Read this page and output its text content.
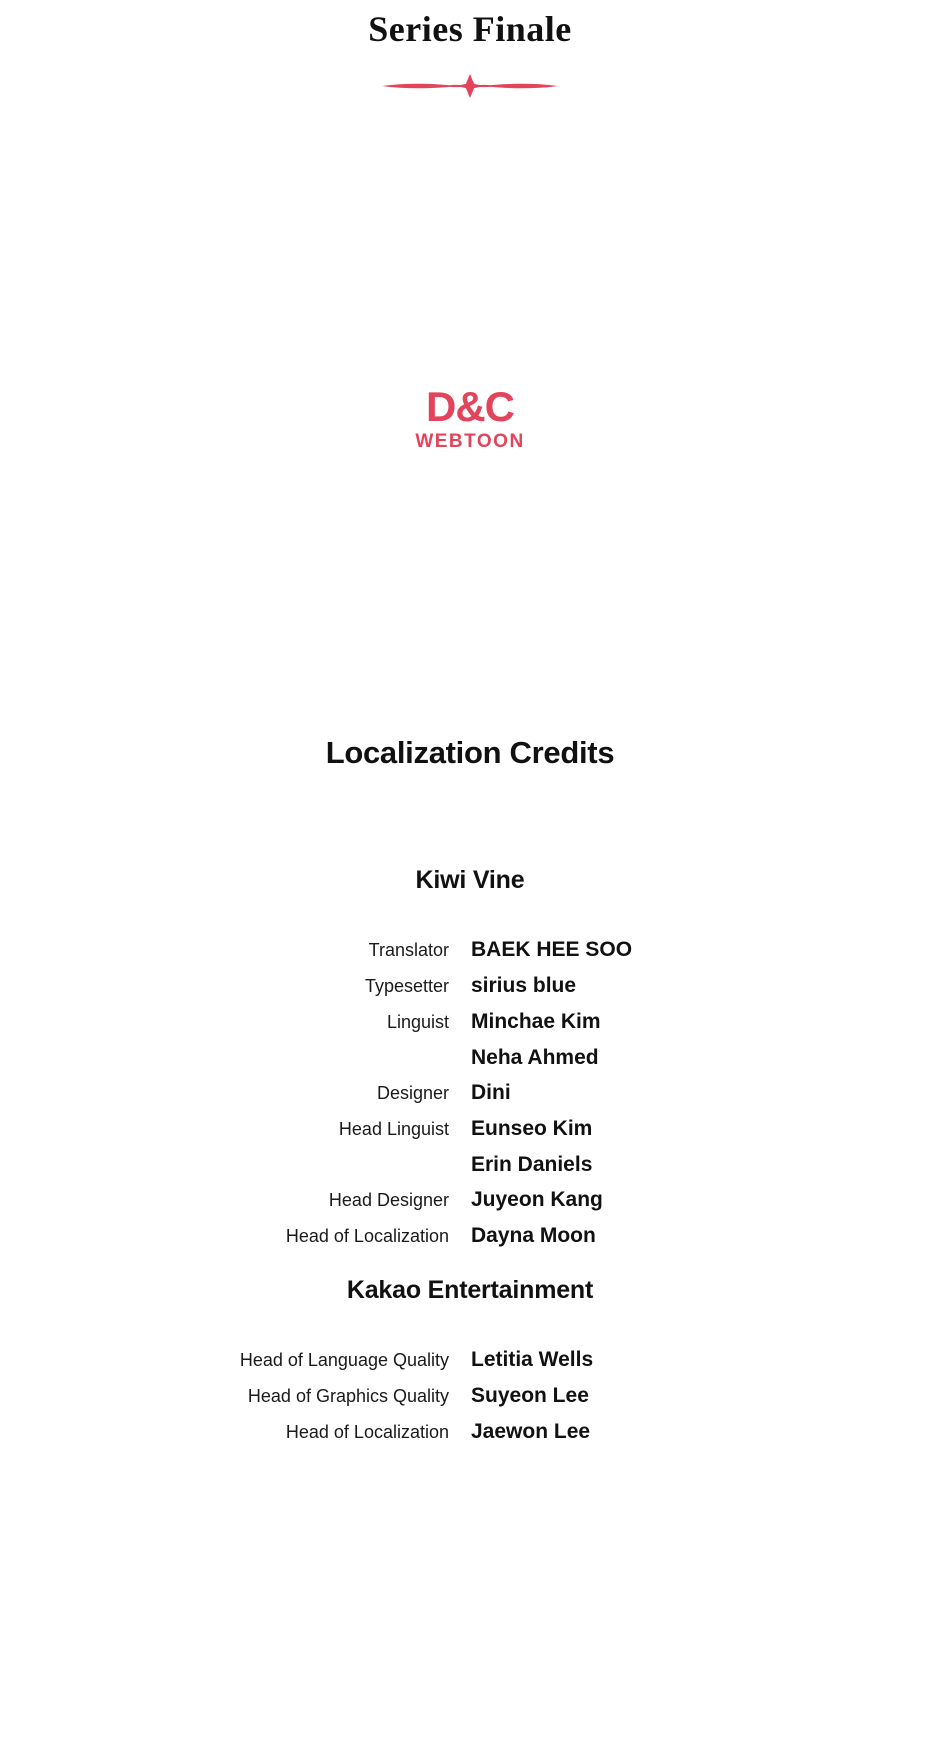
Series Finale
D&C
WEBTOON
Localization Credits
Kiwi Vine
Translator	BAEK HEE SOO
Typesetter	sirius blue
Linguist	Minchae Kim
Neha Ahmed
Designer	Dini
Head Linguist	Eunseo Kim
Erin Daniels
Head Designer	Juyeon Kang
Head of Localization	Dayna Moon
Kakao Entertainment
Head of Language Quality	Letitia Wells
Head of Graphics Quality	Suyeon Lee
Head of Localization	Jaewon Lee
